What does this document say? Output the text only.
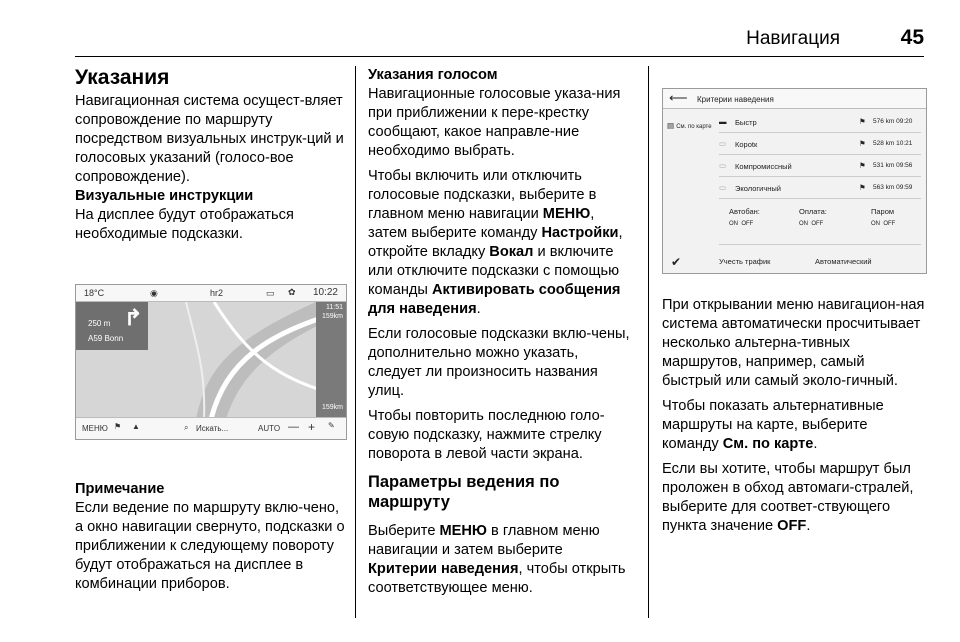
Навигация	45
Указания

Навигационная система осущест-вляет сопровождение по маршруту посредством визуальных инструк-ций и голосовых указаний (голосо-вое сопровождение).

Визуальные инструкции

На дисплее будут отображаться необходимые подсказки.

18°C	◉	hr2	▭ ✿ 10:22
11:51
159km
159km
250 m
A59 Bonn
↱
МЕНЮ ⚑ ▲	⌕ Искать...	AUTO — + ✎

Примечание

Если ведение по маршруту вклю-чено, а окно навигации свернуто, подсказки о приближении к следующему повороту будут отображаться на дисплее в комбинации приборов.

Указания голосом

Навигационные голосовые указа-ния при приближении к пере-крестку сообщают, какое направле-ние необходимо выбрать.

Чтобы включить или отключить голосовые подсказки, выберите в главном меню навигации МЕНЮ, затем выберите команду Настройки, откройте вкладку Вокал и включите или отключите подсказки с помощью команды Активировать сообщения для наведения.

Если голосовые подсказки вклю-чены, дополнительно можно указать, следует ли произносить названия улиц.

Чтобы повторить последнюю голо-совую подсказку, нажмите стрелку поворота в левой части экрана.

Параметры ведения по маршруту

Выберите МЕНЮ в главном меню навигации и затем выберите Критерии наведения, чтобы открыть соответствующее меню.

⟵ Критерии наведения
▤ См. по карте
▬ Быстр	⚑ 576 km 09:20
▭ Корotк	⚑ 528 km 10:21
▭ Компромиссный	⚑ 531 km 09:56
▭ Экологичный	⚑ 563 km 09:59
Автобан:
ON OFF
Оплата:
ON OFF
Паром
ON OFF
✔	Учесть трафик	Автоматический

При открывании меню навигацион-ная система автоматически просчитывает несколько альтерна-тивных маршрутов, например, самый быстрый или самый эколо-гичный.

Чтобы показать альтернативные маршруты на карте, выберите команду См. по карте.

Если вы хотите, чтобы маршрут был проложен в обход автомаги-стралей, выберите для соответ-ствующего пункта значение OFF.
